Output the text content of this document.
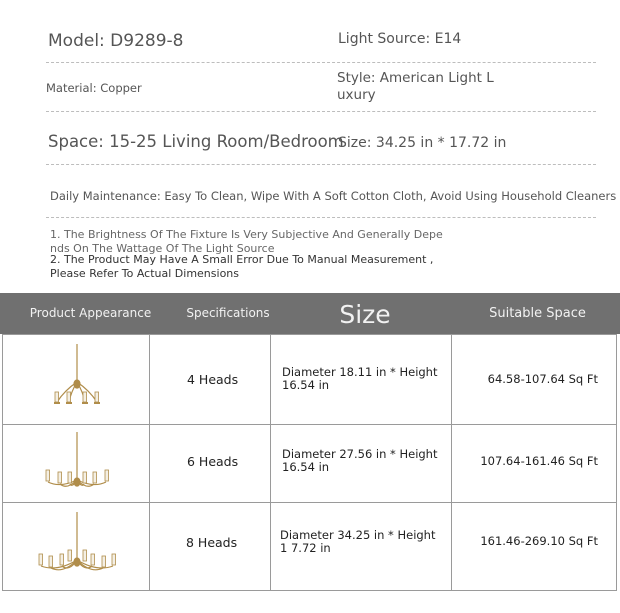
Model: D9289-8	Light Source: E14
Material: Copper
Style: American Light L uxury
Space: 15-25 Living Room/Bedroom
Size: 34.25 in * 17.72 in
Daily Maintenance: Easy To Clean, Wipe With A Soft Cotton Cloth, Avoid Using Household Cleaners
1. The Brightness Of The Fixture Is Very Subjective And Generally Depe nds On The Wattage Of The Light Source
2. The Product May Have A Small Error Due To Manual Measurement , Please Refer To Actual Dimensions
Product Appearance	Specifications	Size	Suitable Space
4 Heads	Diameter 18.11 in * Height 16.54 in	64.58-107.64 Sq Ft
6 Heads	Diameter 27.56 in * Height 16.54 in	107.64-161.46 Sq Ft
8 Heads	Diameter 34.25 in * Height 1 7.72 in	161.46-269.10 Sq Ft
